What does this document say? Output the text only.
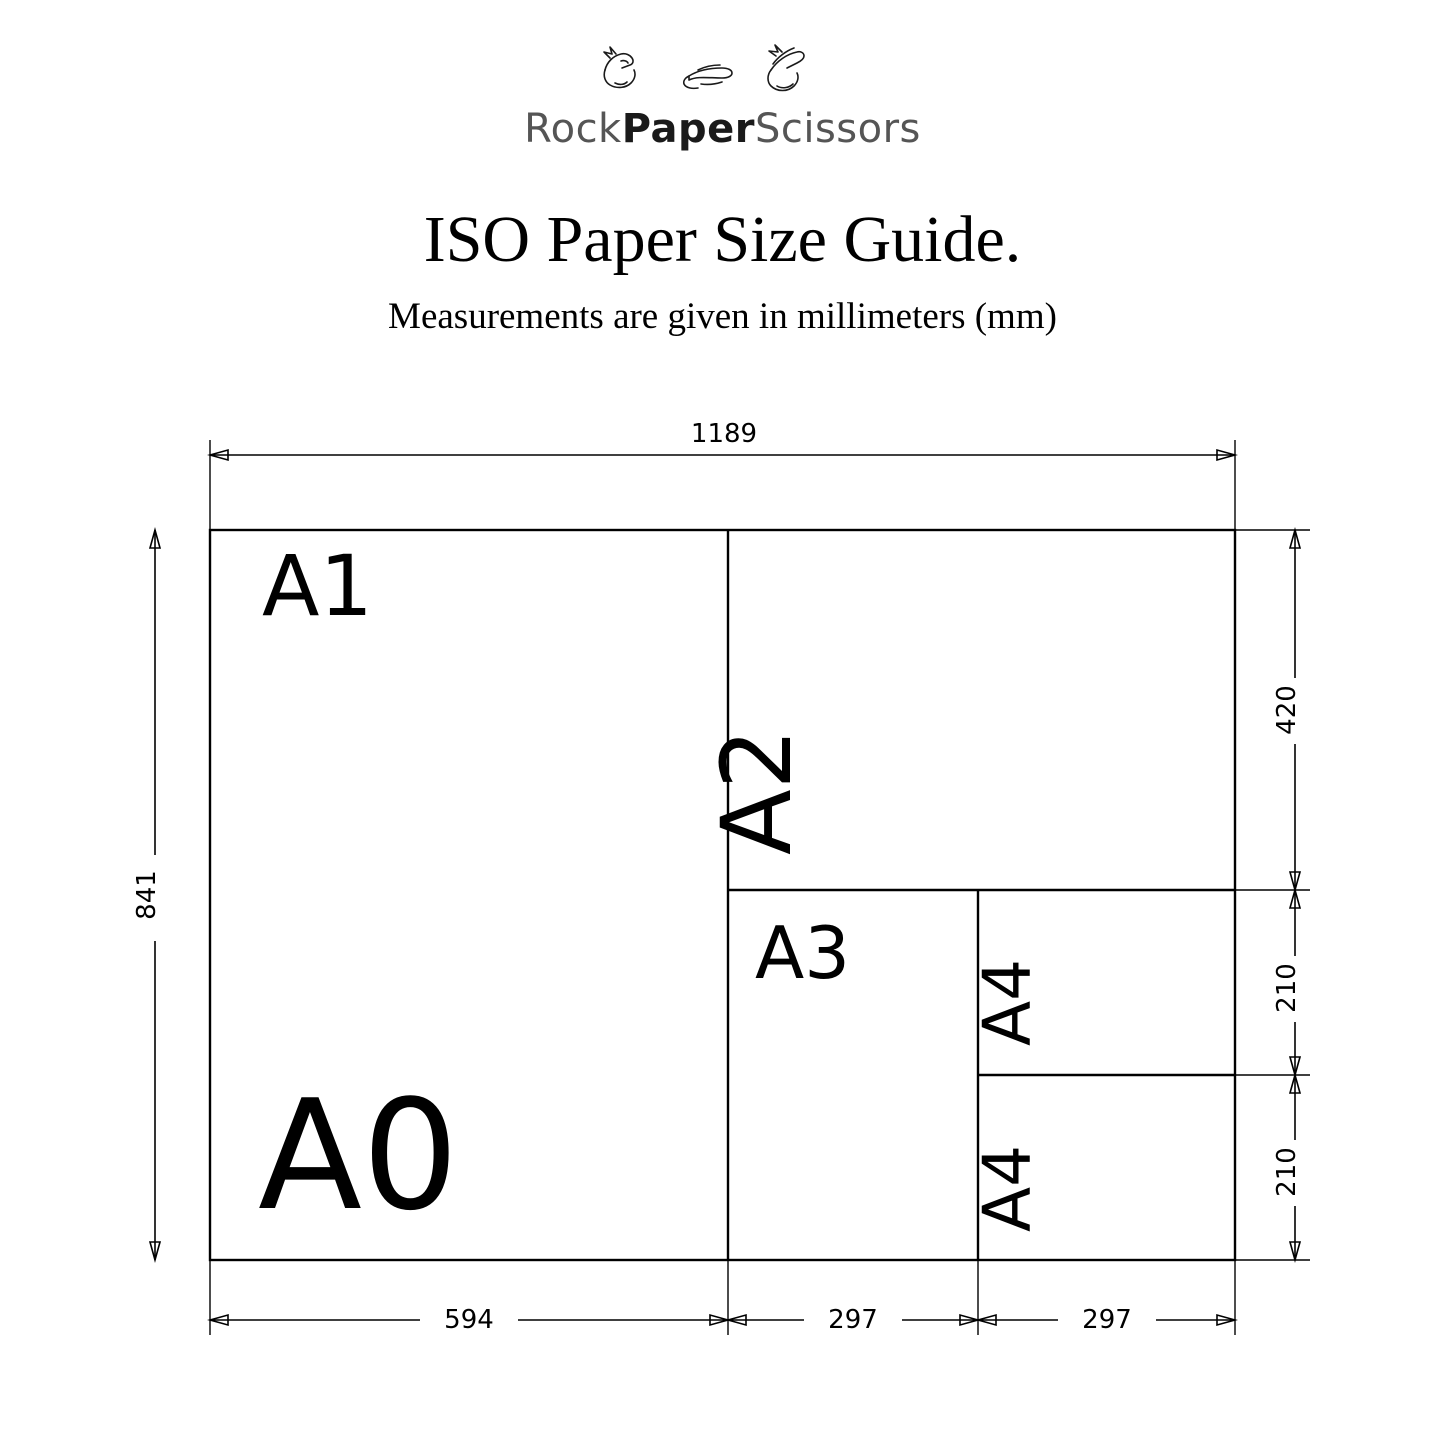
RockPaperScissors
ISO Paper Size Guide.
Measurements are given in millimeters (mm)
A1
A0
A2
A3
A4
A4
1189
841
420
210
210
594	297	297
